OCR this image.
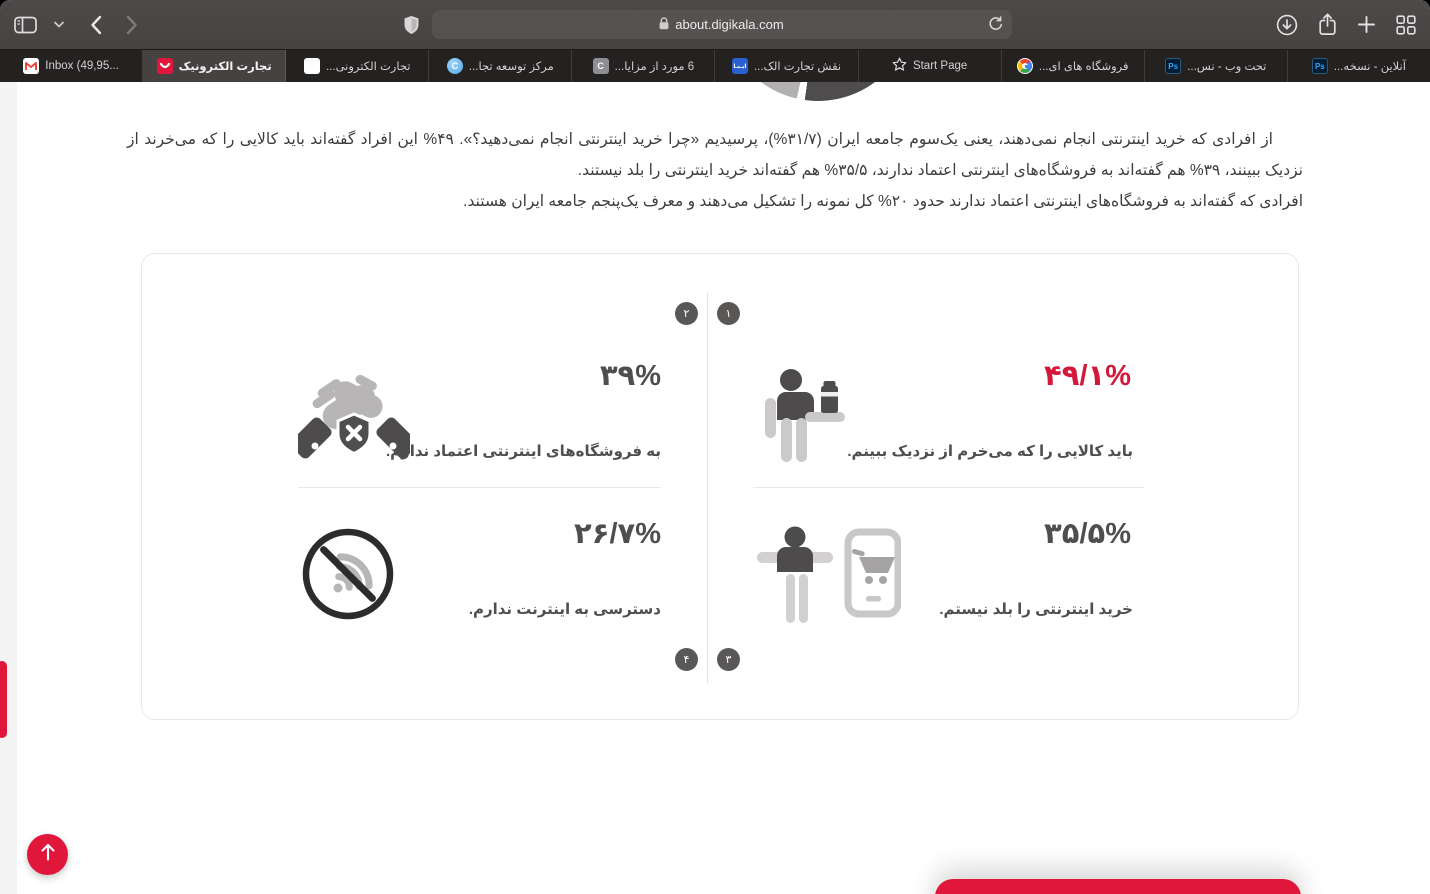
about.digikala.com
Inbox (49,95...	تجارت الکترونیک	تجارت الکترونی...	C مرکز توسعه تجا...	C 6 مورد از مزایا...	ایـنـا نقش تجارت الک...	Start Page	فروشگاه های ای...	Ps تحت وب - نس...	Ps آنلاین - نسخه...

از افرادی که خرید اینترنتی انجام نمی‌دهند، یعنی یک‌سوم جامعه ایران (۳۱/۷%)، پرسیدیم «چرا خرید اینترنتی انجام نمی‌دهید؟». ۴۹% این افراد گفته‌اند باید کالایی را که می‌خرند از نزدیک ببینند، ۳۹% هم گفته‌اند به فروشگاه‌های اینترنتی اعتماد ندارند، ۳۵/۵% هم گفته‌اند خرید اینترنتی را بلد نیستند.

افرادی که گفته‌اند به فروشگاه‌های اینترنتی اعتماد ندارند حدود ۲۰% کل نمونه را تشکیل می‌دهند و معرف یک‌پنجم جامعه ایران هستند.

۱
۲
۳
۴
۴۹/۱%
باید کالایی را که می‌خرم از نزدیک ببینم.
۳۹%
به فروشگاه‌های اینترنتی اعتماد ندارم.
۳۵/۵%
خرید اینترنتی را بلد نیستم.
۲۶/۷%
دسترسی به اینترنت ندارم.
